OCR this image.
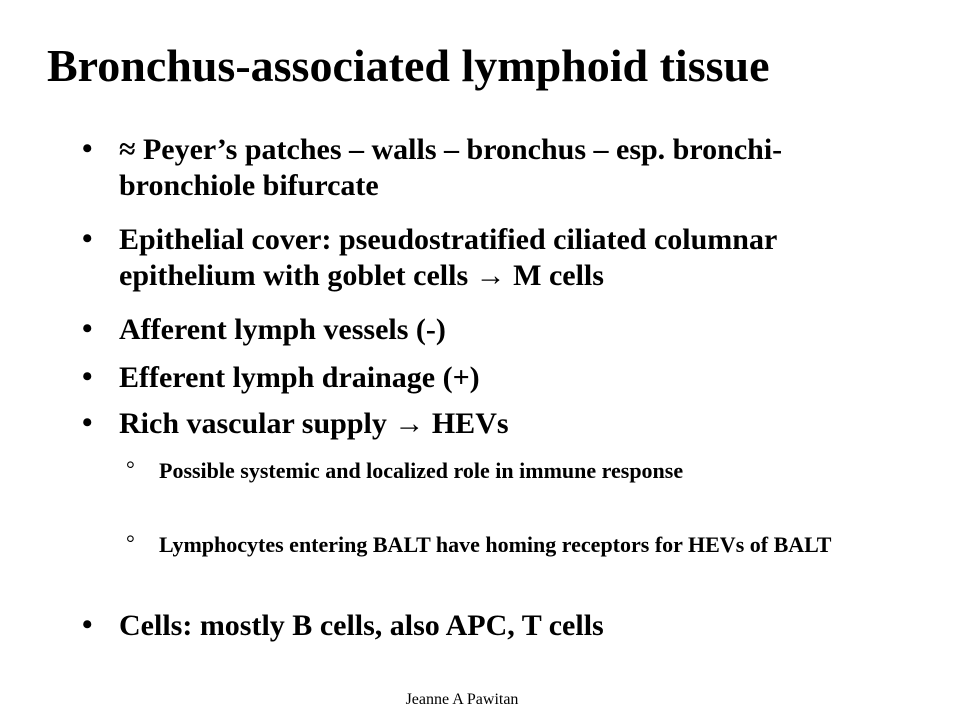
Bronchus-associated lymphoid tissue
• ≈ Peyer’s patches – walls – bronchus – esp. bronchi-bronchiole bifurcate
• Epithelial cover: pseudostratified ciliated columnar epithelium with goblet cells → M cells
• Afferent lymph vessels (-)
• Efferent lymph drainage (+)
• Rich vascular supply → HEVs
° Possible systemic and localized role in immune response
° Lymphocytes entering BALT have homing receptors for HEVs of BALT
• Cells: mostly B cells, also APC, T cells
Jeanne A Pawitan
